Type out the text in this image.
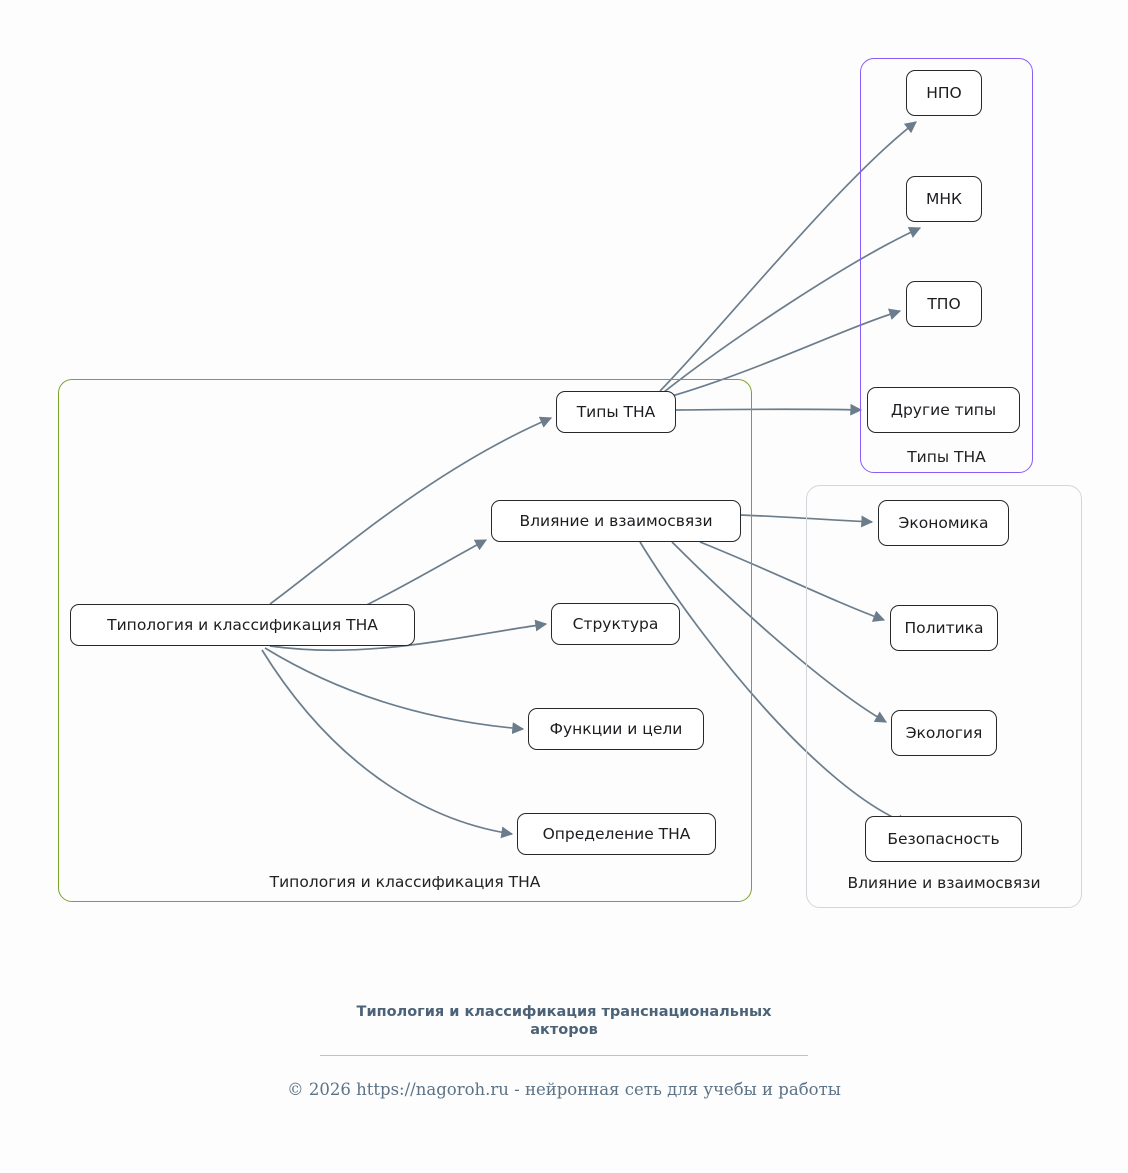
Типология и классификация ТНА
Типы ТНА
Влияние и взаимосвязи
Типология и классификация ТНА
Типы ТНА
Влияние и взаимосвязи
Структура
Функции и цели
Определение ТНА
НПО
МНК
ТПО
Другие типы
Экономика
Политика
Экология
Безопасность
Типология и классификация транснациональных
акторов
© 2026 https://nagoroh.ru - нейронная сеть для учебы и работы
